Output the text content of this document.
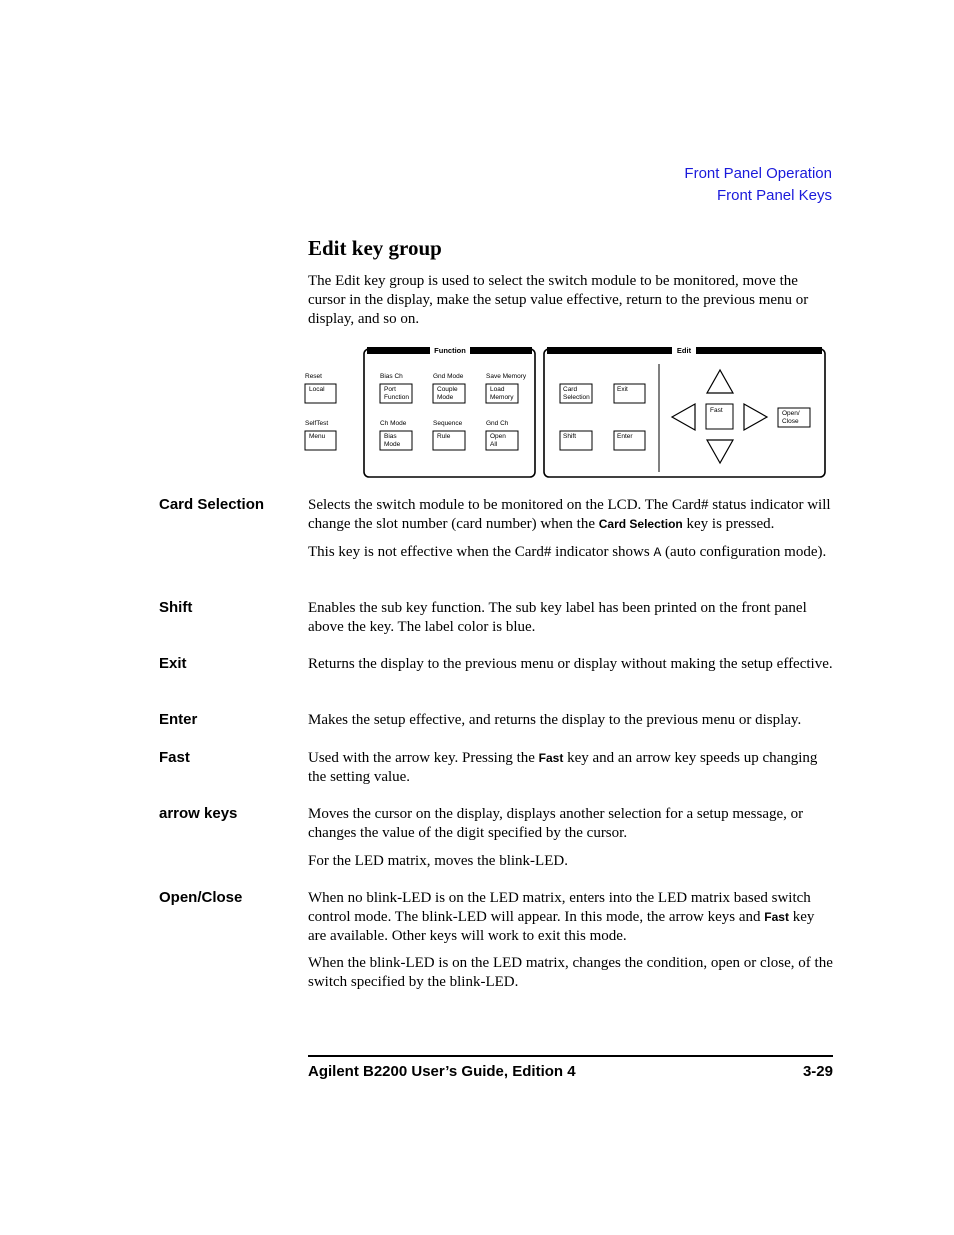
Front Panel Operation
Front Panel Keys
Edit key group

The Edit key group is used to select the switch module to be monitored, move the cursor in the display, make the setup value effective, return to the previous menu or display, and so on.

Function	Edit
Reset
Local
SelfTest
Menu
Bias Ch
Port
Function
Gnd Mode
Couple
Mode
Save Memory
Load
Memory
Ch Mode
Bias
Mode
Sequence
Rule
Gnd Ch
Open
All
Card
Selection
Exit
Shift	Enter
Fast	Open/
Close
Card Selection	Selects the switch module to be monitored on the LCD. The Card# status indicator will change the slot number (card number) when the Card Selection key is pressed.

This key is not effective when the Card# indicator shows A (auto configuration mode).

Shift	Enables the sub key function. The sub key label has been printed on the front panel above the key. The label color is blue.

Exit	Returns the display to the previous menu or display without making the setup effective.

Enter	Makes the setup effective, and returns the display to the previous menu or display.

Fast	Used with the arrow key. Pressing the Fast key and an arrow key speeds up changing the setting value.

arrow keys	Moves the cursor on the display, displays another selection for a setup message, or changes the value of the digit specified by the cursor.

For the LED matrix, moves the blink-LED.

Open/Close	When no blink-LED is on the LED matrix, enters into the LED matrix based switch control mode. The blink-LED will appear. In this mode, the arrow keys and Fast key are available. Other keys will work to exit this mode.

When the blink-LED is on the LED matrix, changes the condition, open or close, of the switch specified by the blink-LED.

Agilent B2200 User’s Guide, Edition 4	3-29
